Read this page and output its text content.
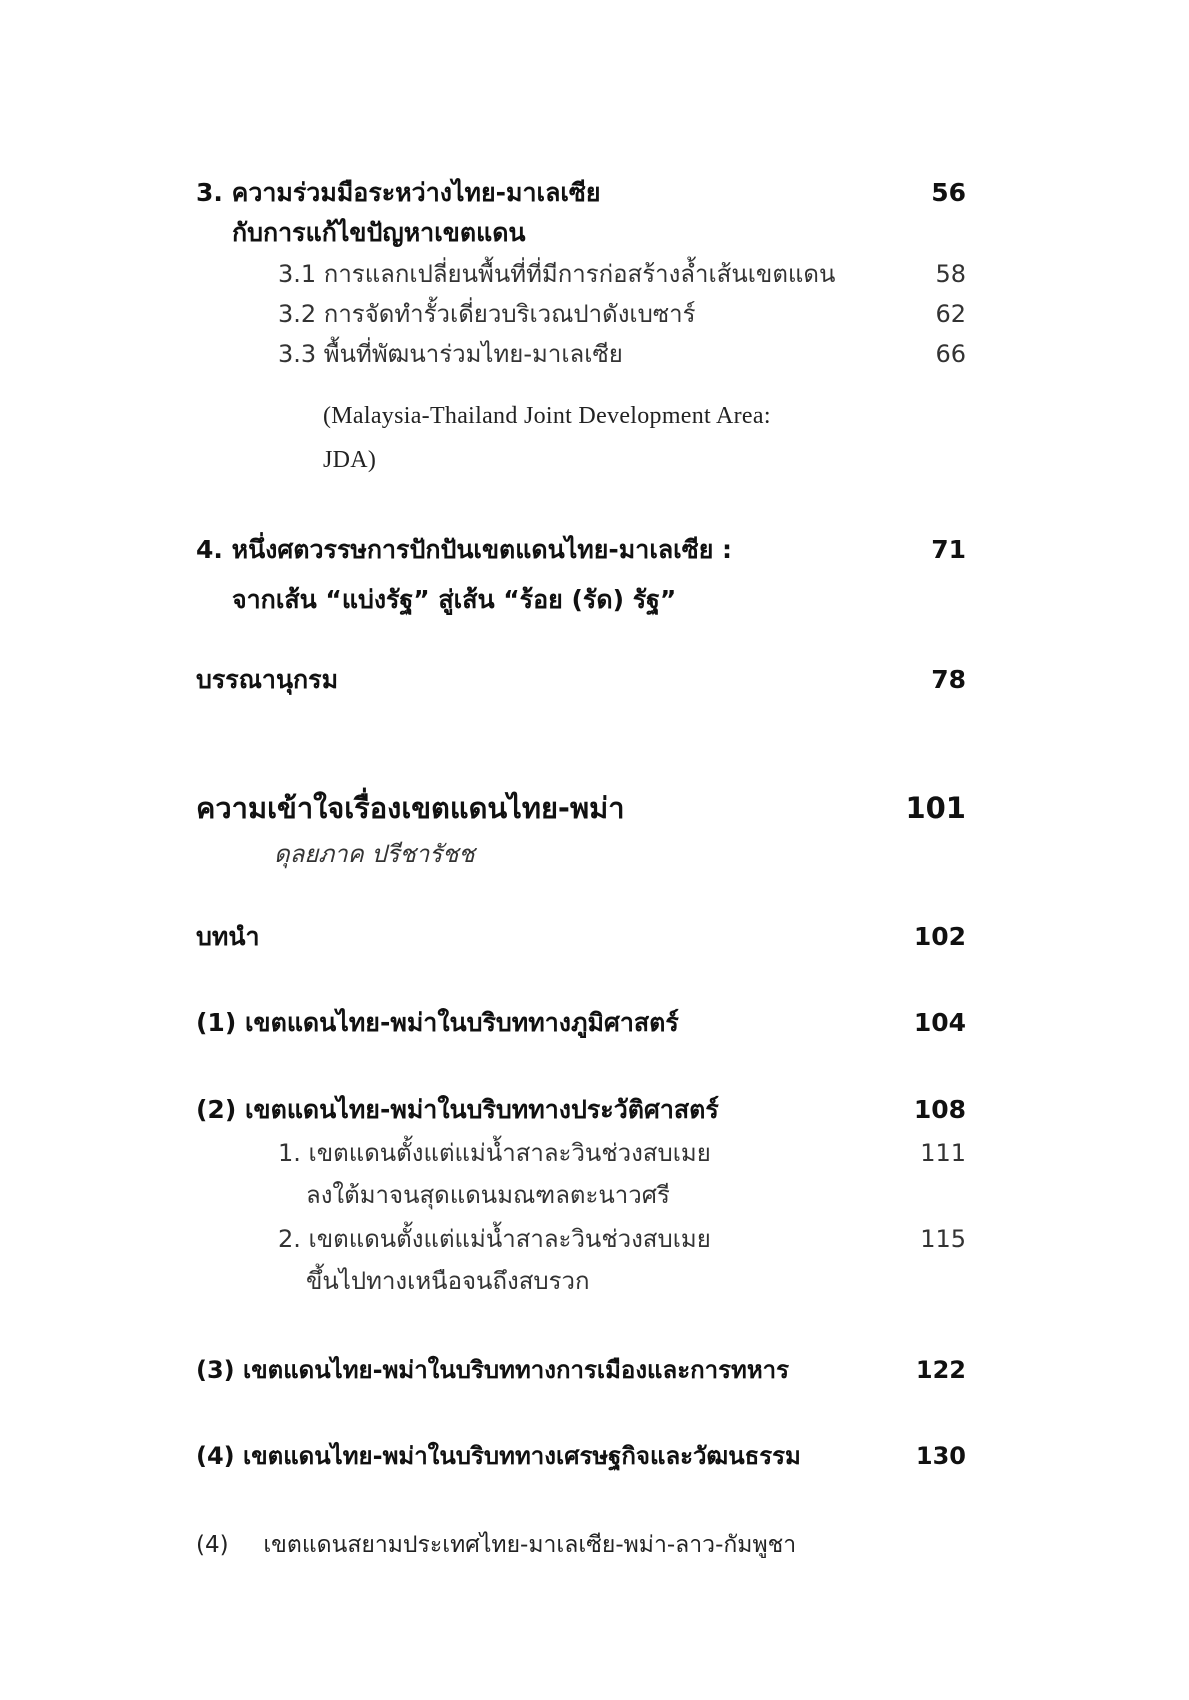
3. ความร่วมมือระหว่างไทย-มาเลเซีย	56
กับการแก้ไขปัญหาเขตแดน
3.1 การแลกเปลี่ยนพื้นที่ที่มีการก่อสร้างล้ำเส้นเขตแดน	58
3.2 การจัดทำรั้วเดี่ยวบริเวณปาดังเบซาร์	62
3.3 พื้นที่พัฒนาร่วมไทย-มาเลเซีย	66
(Malaysia-Thailand Joint Development Area:
JDA)
4. หนึ่งศตวรรษการปักปันเขตแดนไทย-มาเลเซีย :	71
จากเส้น “แบ่งรัฐ” สู่เส้น “ร้อย (รัด) รัฐ”
บรรณานุกรม	78
ความเข้าใจเรื่องเขตแดนไทย-พม่า	101
ดุลยภาค ปรีชารัชช
บทนำ	102
(1) เขตแดนไทย-พม่าในบริบททางภูมิศาสตร์	104
(2) เขตแดนไทย-พม่าในบริบททางประวัติศาสตร์	108
1. เขตแดนตั้งแต่แม่น้ำสาละวินช่วงสบเมย	111
ลงใต้มาจนสุดแดนมณฑลตะนาวศรี
2. เขตแดนตั้งแต่แม่น้ำสาละวินช่วงสบเมย	115
ขึ้นไปทางเหนือจนถึงสบรวก
(3) เขตแดนไทย-พม่าในบริบททางการเมืองและการทหาร	122
(4) เขตแดนไทย-พม่าในบริบททางเศรษฐกิจและวัฒนธรรม	130
(4) เขตแดนสยามประเทศไทย-มาเลเซีย-พม่า-ลาว-กัมพูชา
